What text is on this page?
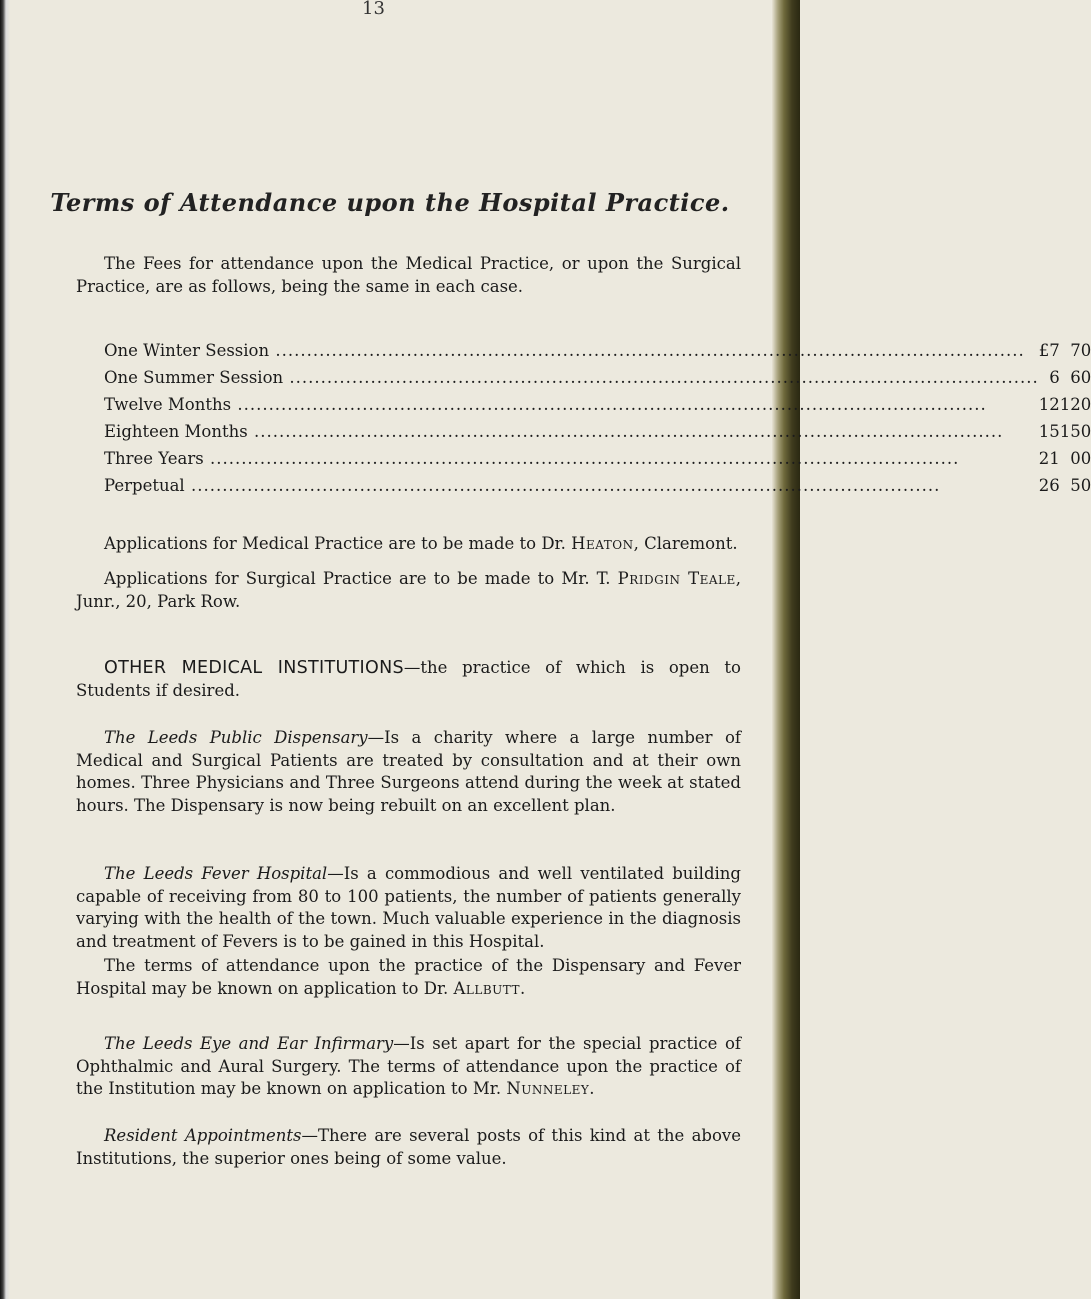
13
Terms of Attendance upon the Hospital Practice.
The Fees for attendance upon the Medical Practice, or upon the Surgical Practice, are as follows, being the same in each case.
One Winter Session ........................................................................................................................	£7	7	0
One Summer Session ........................................................................................................................	6	6	0
Twelve Months ........................................................................................................................	12	12	0
Eighteen Months ........................................................................................................................	15	15	0
Three Years ........................................................................................................................	21	0	0
Perpetual ........................................................................................................................	26	5	0
Applications for Medical Practice are to be made to Dr. Heaton, Claremont.
Applications for Surgical Practice are to be made to Mr. T. Pridgin Teale, Junr., 20, Park Row.
OTHER MEDICAL INSTITUTIONS—the practice of which is open to Students if desired.
The Leeds Public Dispensary—Is a charity where a large number of Medical and Surgical Patients are treated by consultation and at their own homes. Three Physicians and Three Surgeons attend during the week at stated hours. The Dispensary is now being rebuilt on an excellent plan.
The Leeds Fever Hospital—Is a commodious and well ventilated building capable of receiving from 80 to 100 patients, the number of patients generally varying with the health of the town. Much valuable experience in the diagnosis and treatment of Fevers is to be gained in this Hospital.
The terms of attendance upon the practice of the Dispensary and Fever Hospital may be known on application to Dr. Allbutt.
The Leeds Eye and Ear Infirmary—Is set apart for the special practice of Ophthalmic and Aural Surgery. The terms of attendance upon the practice of the Institution may be known on application to Mr. Nunneley.
Resident Appointments—There are several posts of this kind at the above Institutions, the superior ones being of some value.
